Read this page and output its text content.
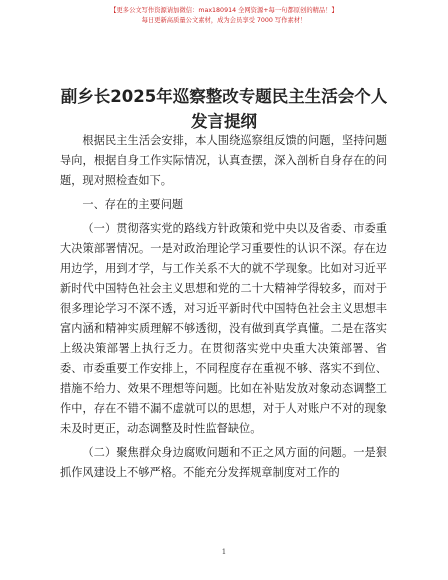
【更多公文写作资源请加微信：max180914 全网资源+每一句都原创的精品！】
每日更新高质量公文素材，成为会员享受 7000 写作素材！
副乡长2025年巡察整改专题民主生活会个人发言提纲

根据民主生活会安排，本人围绕巡察组反馈的问题，坚持问题导向，根据自身工作实际情况，认真查摆，深入剖析自身存在的问题，现对照检查如下。

一、存在的主要问题

（一）贯彻落实党的路线方针政策和党中央以及省委、市委重大决策部署情况。一是对政治理论学习重要性的认识不深。存在边用边学，用到才学，与工作关系不大的就不学现象。比如对习近平新时代中国特色社会主义思想和党的二十大精神学得较多，而对于很多理论学习不深不透，对习近平新时代中国特色社会主义思想丰富内涵和精神实质理解不够透彻，没有做到真学真懂。二是在落实上级决策部署上执行乏力。在贯彻落实党中央重大决策部署、省委、市委重要工作安排上，不同程度存在重视不够、落实不到位、措施不给力、效果不理想等问题。比如在补贴发放对象动态调整工作中，存在不错不漏不虚就可以的思想，对于人对账户不对的现象未及时更正，动态调整及时性监督缺位。

（二）聚焦群众身边腐败问题和不正之风方面的问题。一是狠抓作风建设上不够严格。不能充分发挥规章制度对工作的

1
